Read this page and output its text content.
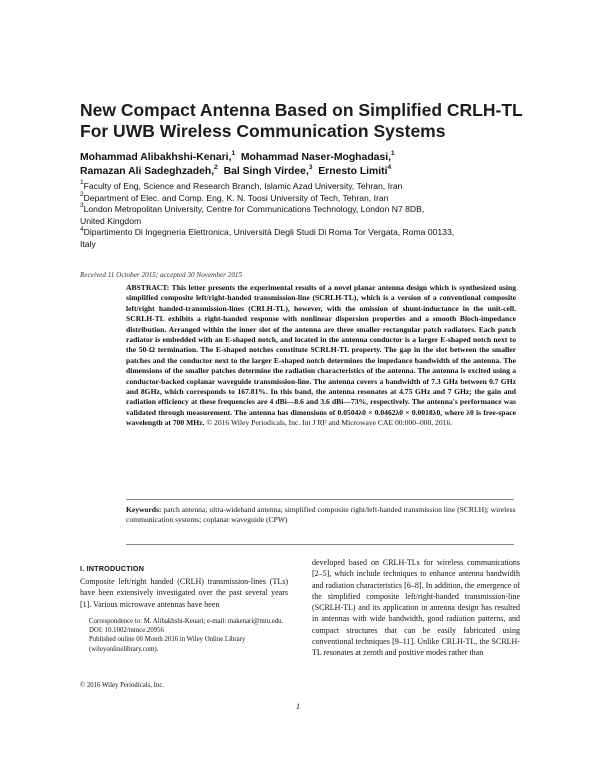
New Compact Antenna Based on Simplified CRLH-TL
For UWB Wireless Communication Systems
Mohammad Alibakhshi-Kenari,$^1$ Mohammad Naser-Moghadasi,$^1$
Ramazan Ali Sadeghzadeh,$^2$ Bal Singh Virdee,$^3$ Ernesto Limiti$^4$
$^1$Faculty of Eng, Science and Research Branch, Islamic Azad University, Tehran, Iran
$^2$Department of Elec. and Comp. Eng, K. N. Toosi University of Tech, Tehran, Iran
$^3$London Metropolitan University, Centre for Communications Technology, London N7 8DB,
United Kingdom
$^4$Dipartimento Di Ingegneria Elettronica, Università Degli Studi Di Roma Tor Vergata, Roma 00133,
Italy
Received 11 October 2015; accepted 30 November 2015
ABSTRACT: This letter presents the experimental results of a novel planar antenna design which is synthesized using simplified composite left/right-handed transmission-line (SCRLH-TL), which is a version of a conventional composite left/right handed-transmission-lines (CRLH-TL), however, with the omission of shunt-inductance in the unit-cell. SCRLH-TL exhibits a right-handed response with nonlinear dispersion properties and a smooth Bloch-impedance distribution. Arranged within the inner slot of the antenna are three smaller rectangular patch radiators. Each patch radiator is embedded with an E-shaped notch, and located in the antenna conductor is a larger E-shaped notch next to the 50-Ω termination. The E-shaped notches constitute SCRLH-TL property. The gap in the slot between the smaller patches and the conductor next to the larger E-shaped notch determines the impedance bandwidth of the antenna. The dimensions of the smaller patches determine the radiation characteristics of the antenna. The antenna is excited using a conductor-backed coplanar waveguide transmission-line. The antenna covers a bandwidth of 7.3 GHz between 0.7 GHz and 8GHz, which corresponds to 167.81%. In this band, the antenna resonates at 4.75 GHz and 7 GHz; the gain and radiation efficiency at these frequencies are 4 dBi—8.6 and 3.6 dBi—73%, respectively. The antenna's performance was validated through measurement. The antenna has dimensions of 0.0504λ0 × 0.0462λ0 × 0.0018λ0, where λ0 is free-space wavelength at 700 MHz. © 2016 Wiley Periodicals, Inc. Int J RF and Microwave CAE 00:000–000, 2016.
Keywords: patch antenna; ultra-wideband antenna; simplified composite right/left-handed transmission line (SCRLH); wireless communication systems; coplanar waveguide (CPW)
I. INTRODUCTION

Composite left/right handed (CRLH) transmission-lines (TLs) have been extensively investigated over the past several years [1]. Various microwave antennas have been

Correspondence to: M. Alibakhshi-Kenari; e-mail: makenari@mtu.edu.

DOI: 10.1002/mmce.20956

Published online 00 Month 2016 in Wiley Online Library (wileyonlinelibrary.com).

© 2016 Wiley Periodicals, Inc.

developed based on CRLH-TLs for wireless communications [2–5], which include techniques to enhance antenna bandwidth and radiation characteristics [6–8]. In addition, the emergence of the simplified composite left/right-handed transmission-line (SCRLH-TL) and its application in antenna design has resulted in antennas with wide bandwidth, good radiation patterns, and compact structures that can be easily fabricated using conventional techniques [9–11]. Unlike CRLH-TL, the SCRLH-TL resonates at zeroth and positive modes rather than

1
